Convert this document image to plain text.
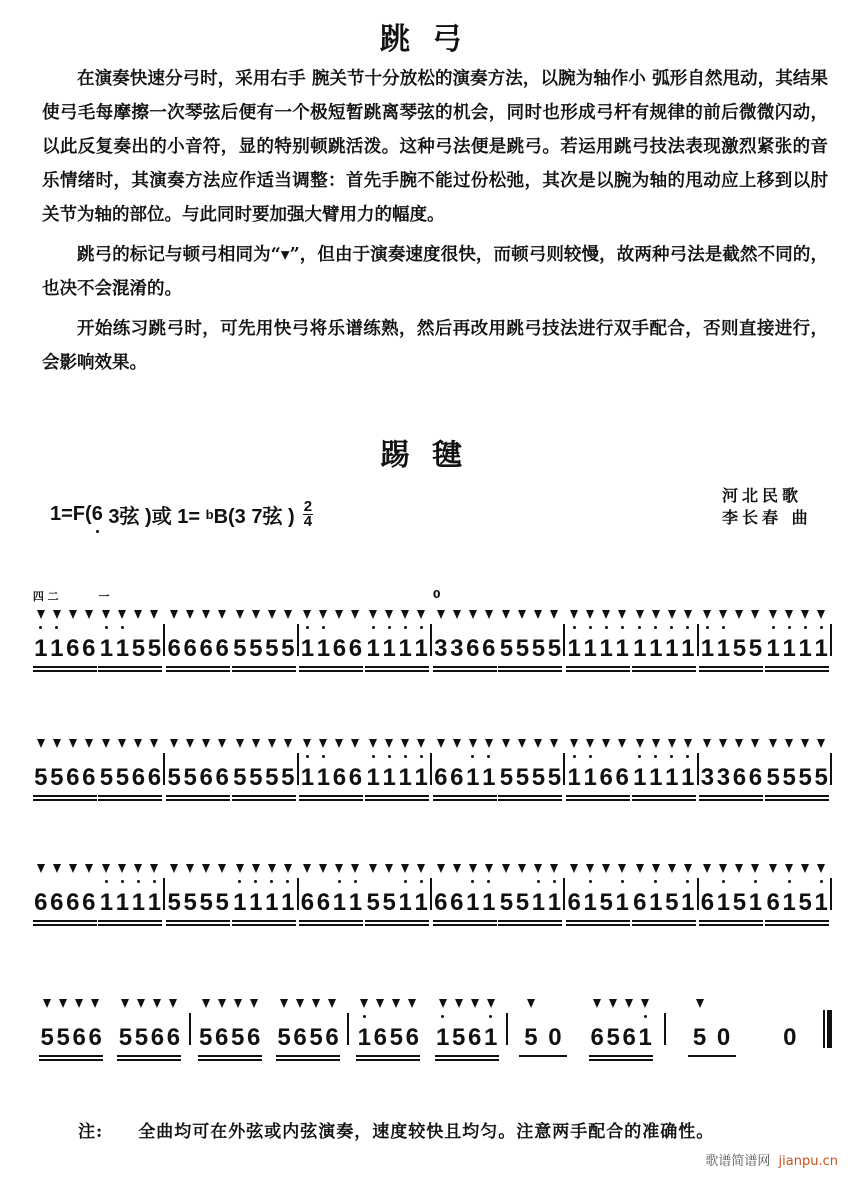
跳弓

在演奏快速分弓时，采用右手 腕关节十分放松的演奏方法，以腕为轴作小 弧形自然甩动，其结果使弓毛每摩擦一次琴弦后便有一个极短暂跳离琴弦的机会，同时也形成弓杆有规律的前后微微闪动，以此反复奏出的小音符，显的特别顿跳活泼。这种弓法便是跳弓。若运用跳弓技法表现激烈紧张的音乐情绪时，其演奏方法应作适当调整：首先手腕不能过份松弛，其次是以腕为轴的甩动应上移到以肘关节为轴的部位。与此同时要加强大臂用力的幅度。

跳弓的标记与顿弓相同为“▾”，但由于演奏速度很快，而顿弓则较慢，故两种弓法是截然不同的，也决不会混淆的。

开始练习跳弓时，可先用快弓将乐谱练熟，然后再改用跳弓技法进行双手配合，否则直接进行，会影响效果。

踢毽
1=F( 6 3弦 )或 1= b B(3 7弦 ) $\frac{2}{4}$
河北民歌
李长春 曲
四 二
1 1 6 6
一
1 1 5 5 6 6 6 6 5 5 5 5 1 1 6 6 1 1 1 1
0
3 3 6 6 5 5 5 5 1 1 1 1 1 1 1 1 1 1 5 5 1 1 1 1
5 5 6 6 5 5 6 6 5 5 6 6 5 5 5 5 1 1 6 6 1 1 1 1 6 6 1 1 5 5 5 5 1 1 6 6 1 1 1 1 3 3 6 6 5 5 5 5
6 6 6 6 1 1 1 1 5 5 5 5 1 1 1 1 6 6 1 1 5 5 1 1 6 6 1 1 5 5 1 1 6 1 5 1 6 1 5 1 6 1 5 1 6 1 5 1
5 5 6 6 5 5 6 6 5 6 5 6 5 6 5 6 1 6 5 6 1 5 6 1 5 0 6 5 6 1 5 0 0
注: 全曲均可在外弦或内弦演奏，速度较快且均匀。注意两手配合的准确性。
歌谱简谱网 jianpu.cn
